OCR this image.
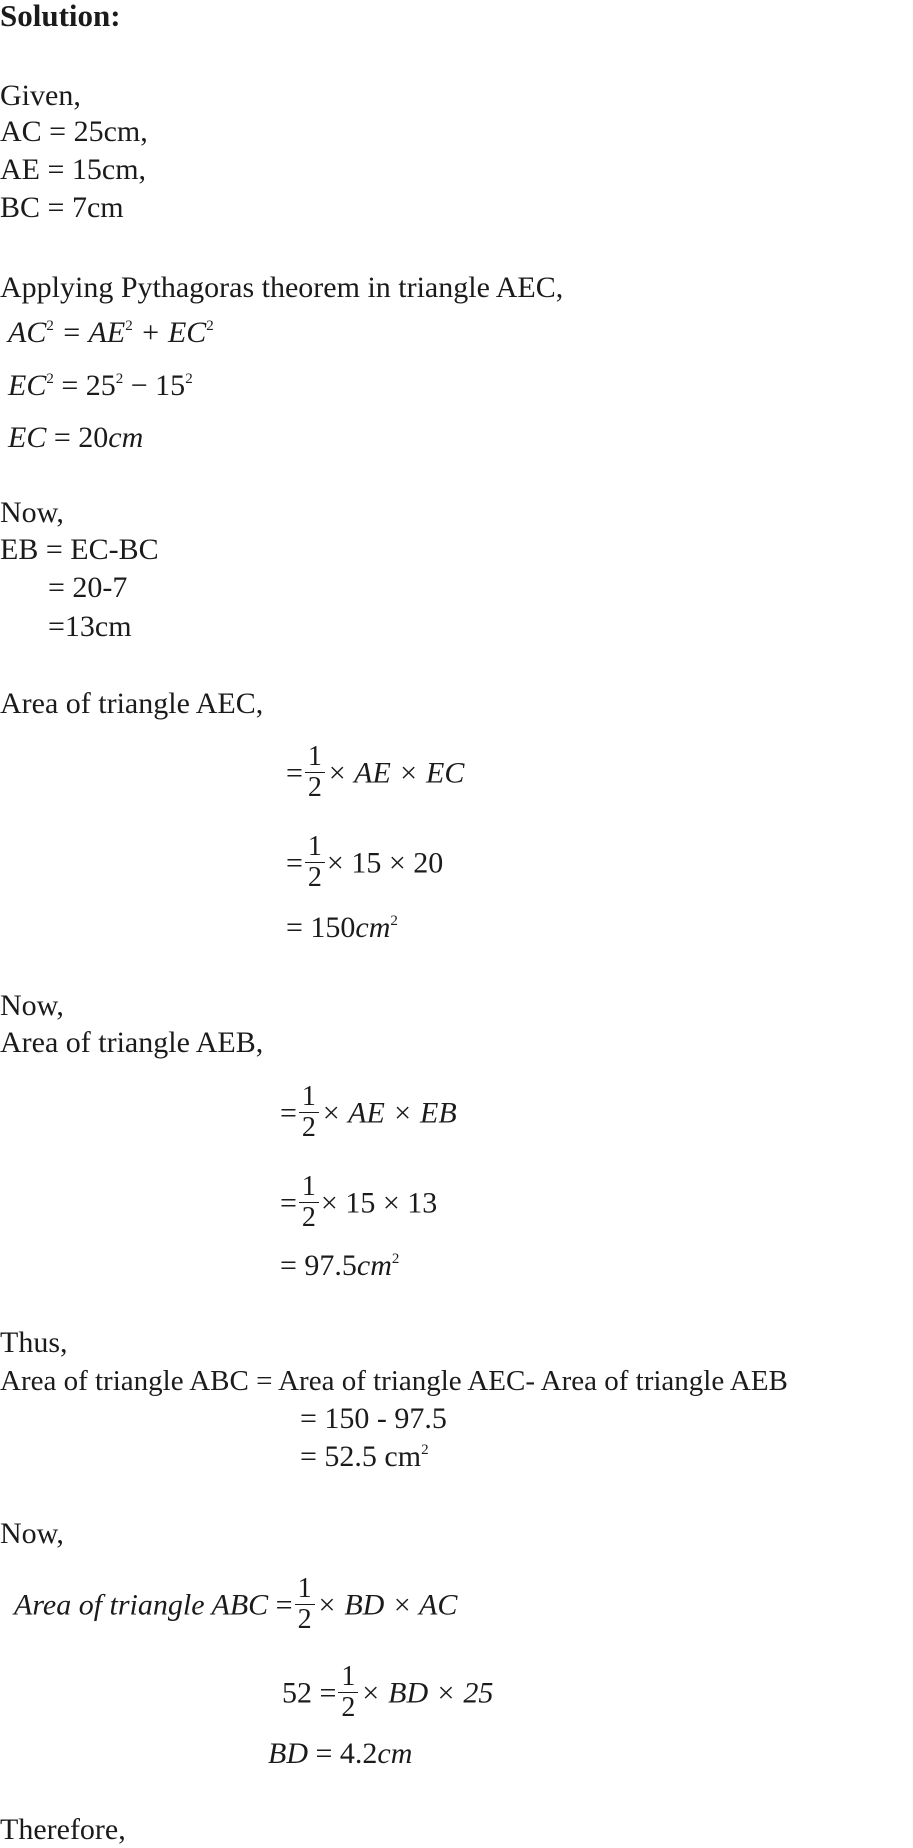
Solution:
Given,
AC = 25cm,
AE = 15cm,
BC = 7cm
Applying Pythagoras theorem in triangle AEC,
$AC^2 = AE^2 + EC^2$
$EC^2 = 25^2 - 15^2$
EC = 20cm
Now,
EB = EC-BC
= 20-7
=13cm
Area of triangle AEC,
= $\frac{1}{2}$ × AE × EC
= $\frac{1}{2} \times 15 \times 20$
= $150cm^2$
Now,
Area of triangle AEB,
= $\frac{1}{2}$ × AE × EB
= $\frac{1}{2} \times 15 \times 13$
= $97.5cm^2$
Thus,
Area of triangle ABC = Area of triangle AEC- Area of triangle AEB
= 150 - 97.5
= 52.5 $cm^2$
Now,
Area of triangle ABC = $\frac{1}{2}$ × BD × AC
$52 = \frac{1}{2}$ × BD × 25
BD = 4.2cm
Therefore,
